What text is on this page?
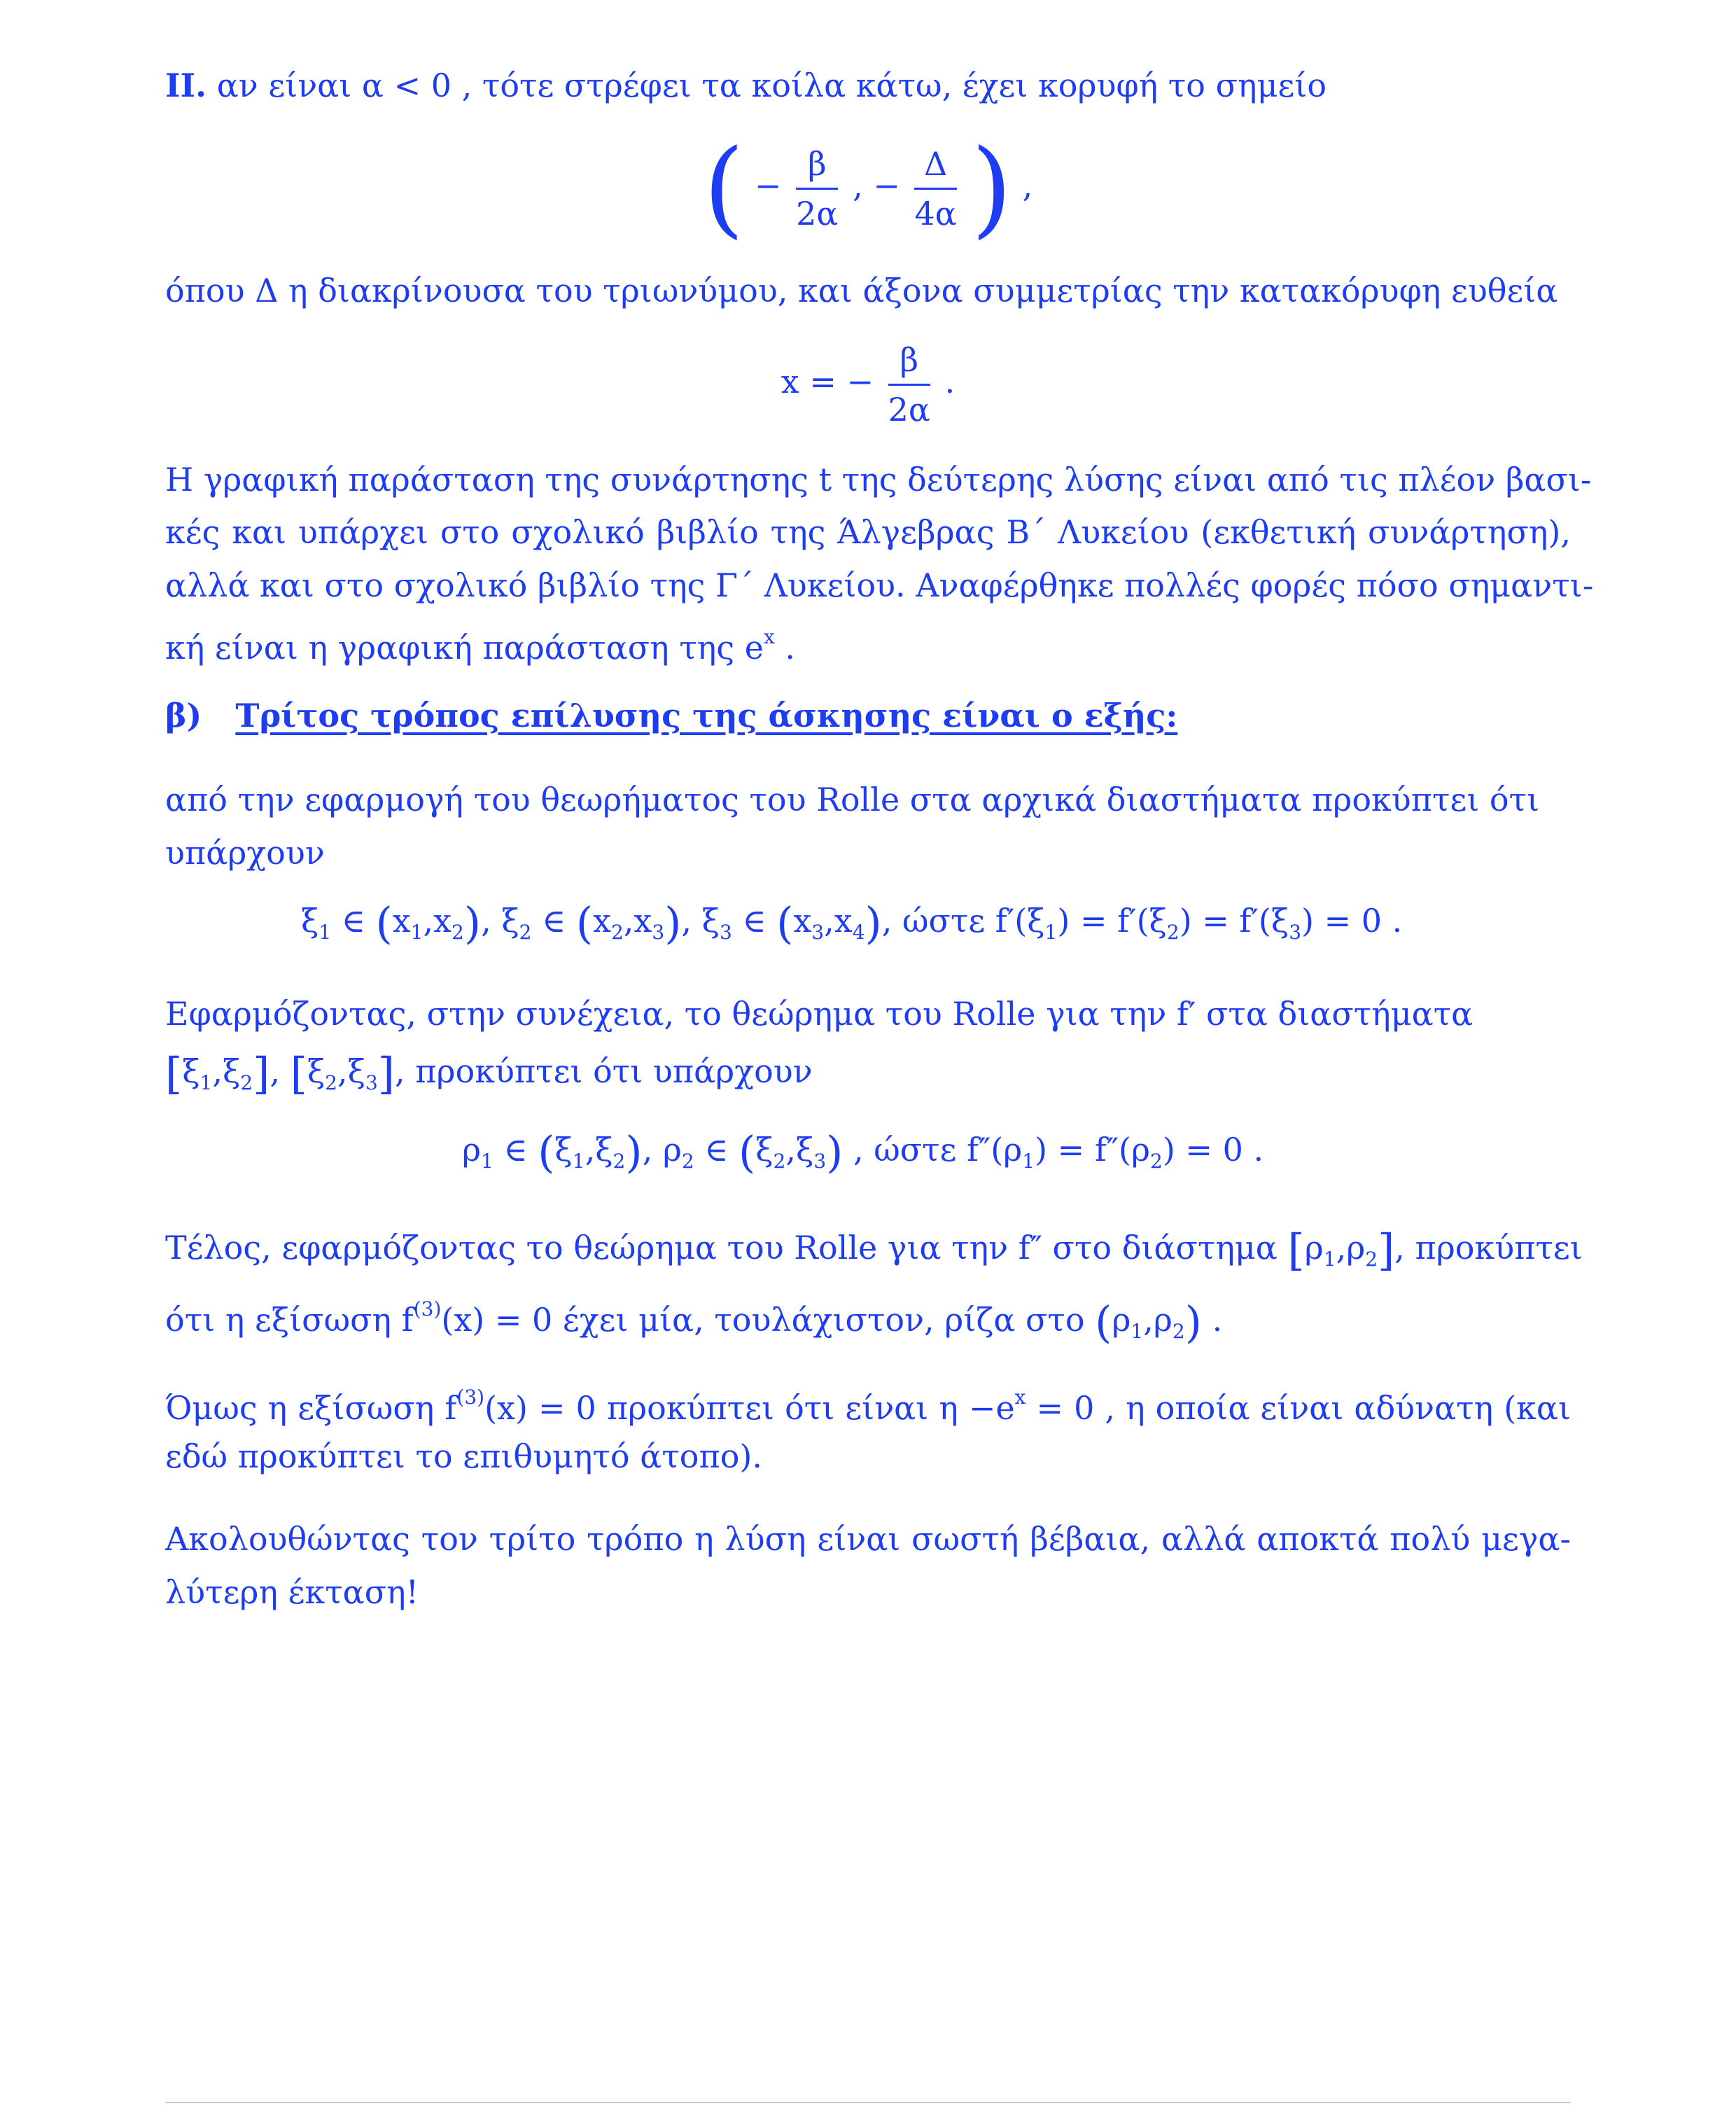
ΙΙ. αν είναι α < 0 , τότε στρέφει τα κοίλα κάτω, έχει κορυφή το σημείο
( − $\frac{\beta}{2\alpha}$ , − $\frac{\Delta}{4\alpha}$ ) ,
όπου Δ η διακρίνουσα του τριωνύμου, και άξονα συμμετρίας την κατακόρυφη ευθεία
x = − $\frac{\beta}{2\alpha}$ .
Η γραφική παράσταση της συνάρτησης t της δεύτερης λύσης είναι από τις πλέον βασι-
κές και υπάρχει στο σχολικό βιβλίο της Άλγεβρας Β΄ Λυκείου (εκθετική συνάρτηση),
αλλά και στο σχολικό βιβλίο της Γ΄ Λυκείου. Αναφέρθηκε πολλές φορές πόσο σημαντι-
κή είναι η γραφική παράσταση της $e^x$ .
β) Τρίτος τρόπος επίλυσης της άσκησης είναι ο εξής:
από την εφαρμογή του θεωρήματος του Rolle στα αρχικά διαστήματα προκύπτει ότι
υπάρχουν
$\xi_1$ ∈ $(x_1,x_2)$, $\xi_2$ ∈ $(x_2,x_3)$, $\xi_3$ ∈ $(x_3,x_4)$, ώστε $f'(\xi_1) = f'(\xi_2) = f'(\xi_3) = 0$ .
Εφαρμόζοντας, στην συνέχεια, το θεώρημα του Rolle για την f′ στα διαστήματα
$[\xi_1,\xi_2]$, $[\xi_2,\xi_3]$, προκύπτει ότι υπάρχουν
$\rho_1$ ∈ $(\xi_1,\xi_2)$, $\rho_2$ ∈ $(\xi_2,\xi_3)$ , ώστε $f''(\rho_1) = f''(\rho_2) = 0$ .
Τέλος, εφαρμόζοντας το θεώρημα του Rolle για την f″ στο διάστημα $[\rho_1,\rho_2]$, προκύπτει
ότι η εξίσωση $f^{(3)}(x) = 0$ έχει μία, τουλάχιστον, ρίζα στο $(\rho_1,\rho_2)$ .
Όμως η εξίσωση $f^{(3)}(x) = 0$ προκύπτει ότι είναι $\eta -e^x = 0$ , η οποία είναι αδύνατη (και
εδώ προκύπτει το επιθυμητό άτοπο).
Ακολουθώντας τον τρίτο τρόπο η λύση είναι σωστή βέβαια, αλλά αποκτά πολύ μεγα-
λύτερη έκταση!
